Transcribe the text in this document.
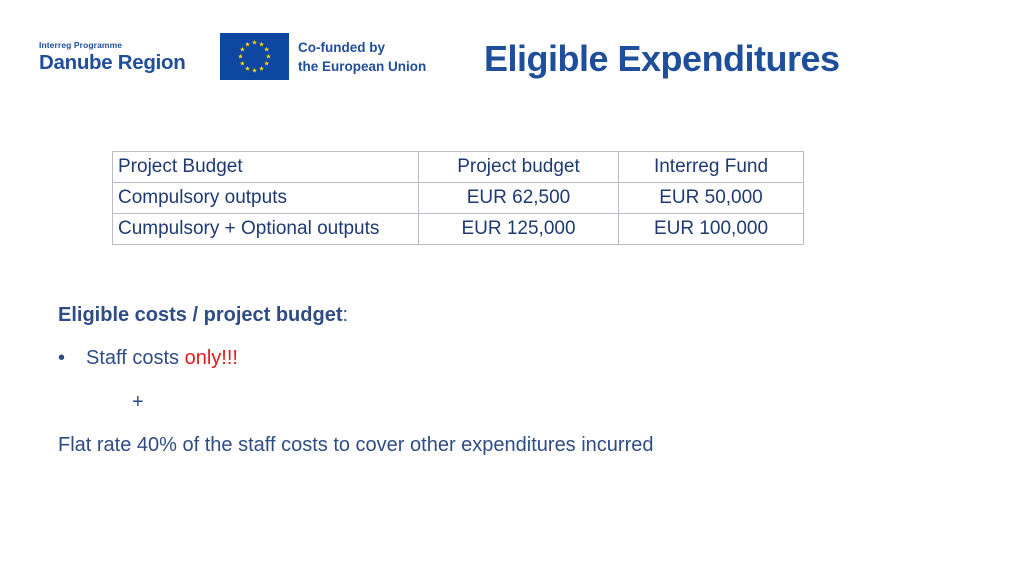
Interreg Programme
Danube Region
Co-funded by
the European Union Eligible Expenditures
Project Budget	Project budget	Interreg Fund
Compulsory outputs	EUR 62,500	EUR 50,000
Cumpulsory + Optional outputs	EUR 125,000	EUR 100,000
Eligible costs / project budget:
• Staff costs only!!!
+
Flat rate 40% of the staff costs to cover other expenditures incurred
